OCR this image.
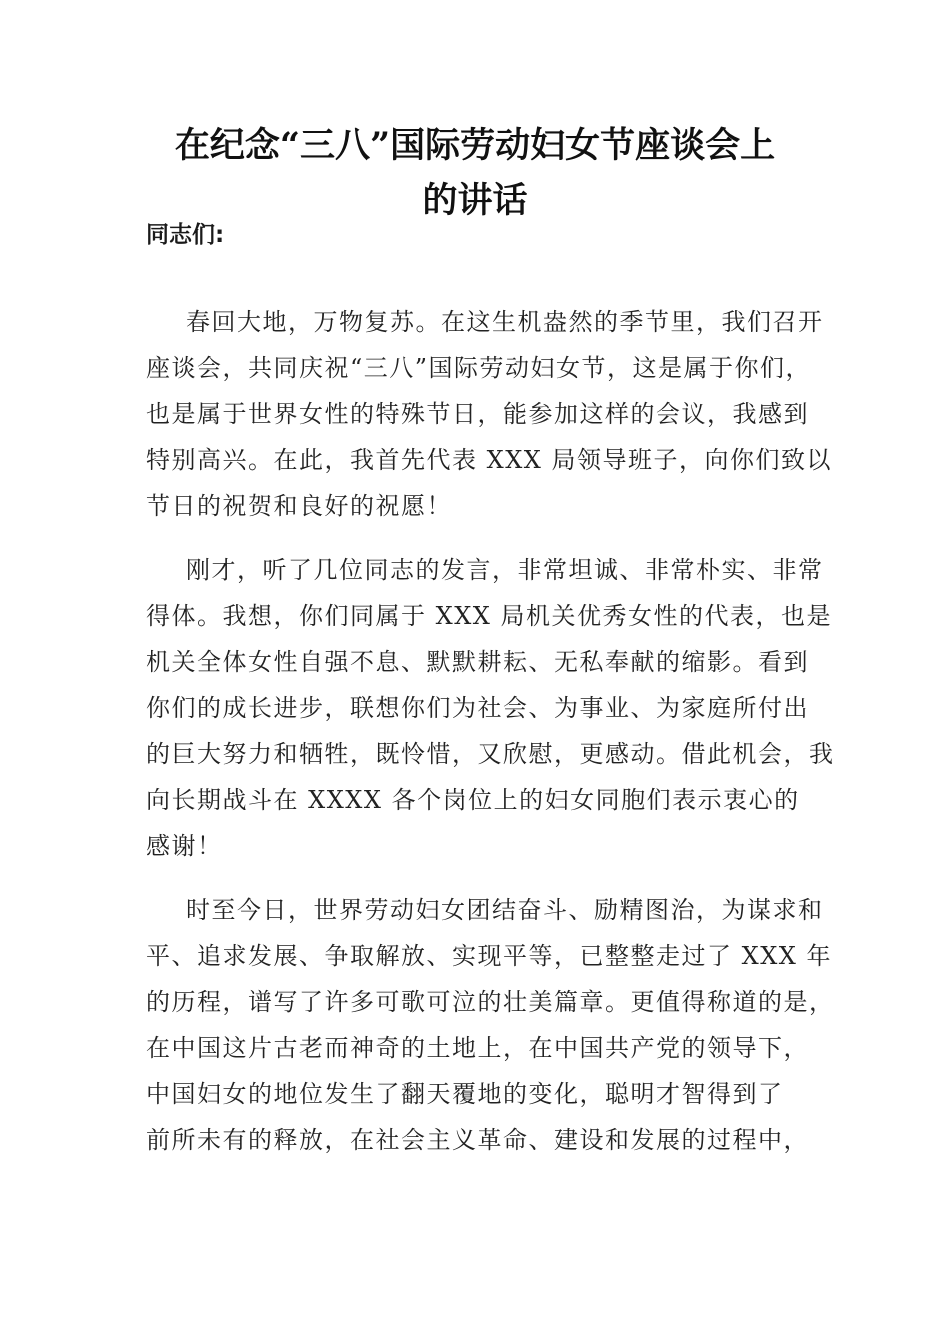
在纪念“三八”国际劳动妇女节座谈会上
的讲话

同志们:

春回大地，万物复苏。在这生机盎然的季节里，我们召开
座谈会，共同庆祝“三八”国际劳动妇女节，这是属于你们，
也是属于世界女性的特殊节日，能参加这样的会议，我感到
特别高兴。在此，我首先代表 XXX 局领导班子，向你们致以
节日的祝贺和良好的祝愿！

刚才，听了几位同志的发言，非常坦诚、非常朴实、非常
得体。我想，你们同属于 XXX 局机关优秀女性的代表，也是
机关全体女性自强不息、默默耕耘、无私奉献的缩影。看到
你们的成长进步，联想你们为社会、为事业、为家庭所付出
的巨大努力和牺牲，既怜惜，又欣慰，更感动。借此机会，我
向长期战斗在 XXXX 各个岗位上的妇女同胞们表示衷心的
感谢！

时至今日，世界劳动妇女团结奋斗、励精图治，为谋求和
平、追求发展、争取解放、实现平等，已整整走过了 XXX 年
的历程，谱写了许多可歌可泣的壮美篇章。更值得称道的是，
在中国这片古老而神奇的土地上，在中国共产党的领导下，
中国妇女的地位发生了翻天覆地的变化，聪明才智得到了
前所未有的释放，在社会主义革命、建设和发展的过程中，
